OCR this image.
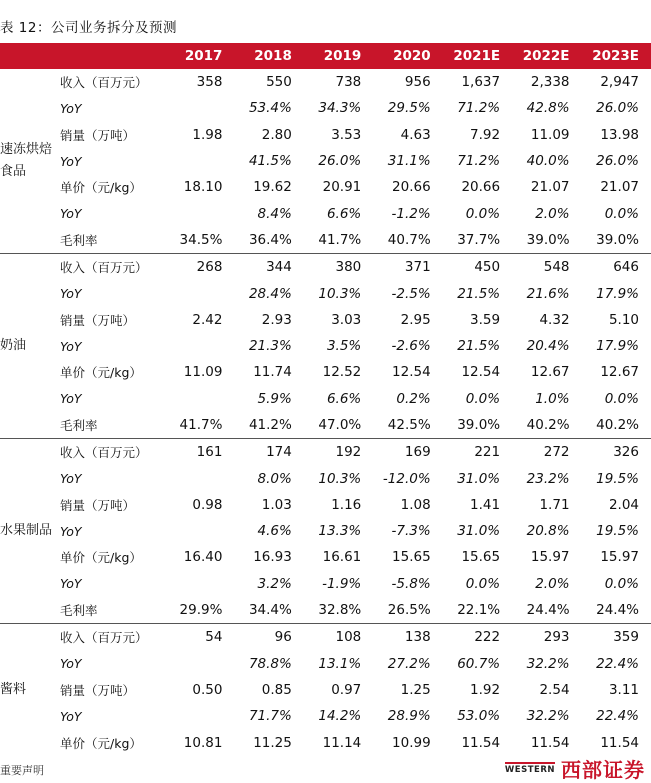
表 12：公司业务拆分及预测
		2017	2018	2019	2020	2021E	2022E	2023E
速冻烘焙
食品	收入（百万元）	358	550	738	956	1,637	2,338	2,947
	YoY		53.4%	34.3%	29.5%	71.2%	42.8%	26.0%
	销量（万吨）	1.98	2.80	3.53	4.63	7.92	11.09	13.98
	YoY		41.5%	26.0%	31.1%	71.2%	40.0%	26.0%
	单价（元/kg）	18.10	19.62	20.91	20.66	20.66	21.07	21.07
	YoY		8.4%	6.6%	-1.2%	0.0%	2.0%	0.0%
	毛利率	34.5%	36.4%	41.7%	40.7%	37.7%	39.0%	39.0%
奶油	收入（百万元）	268	344	380	371	450	548	646
	YoY		28.4%	10.3%	-2.5%	21.5%	21.6%	17.9%
	销量（万吨）	2.42	2.93	3.03	2.95	3.59	4.32	5.10
	YoY		21.3%	3.5%	-2.6%	21.5%	20.4%	17.9%
	单价（元/kg）	11.09	11.74	12.52	12.54	12.54	12.67	12.67
	YoY		5.9%	6.6%	0.2%	0.0%	1.0%	0.0%
	毛利率	41.7%	41.2%	47.0%	42.5%	39.0%	40.2%	40.2%
水果制品	收入（百万元）	161	174	192	169	221	272	326
	YoY		8.0%	10.3%	-12.0%	31.0%	23.2%	19.5%
	销量（万吨）	0.98	1.03	1.16	1.08	1.41	1.71	2.04
	YoY		4.6%	13.3%	-7.3%	31.0%	20.8%	19.5%
	单价（元/kg）	16.40	16.93	16.61	15.65	15.65	15.97	15.97
	YoY		3.2%	-1.9%	-5.8%	0.0%	2.0%	0.0%
	毛利率	29.9%	34.4%	32.8%	26.5%	22.1%	24.4%	24.4%
酱料	收入（百万元）	54	96	108	138	222	293	359
	YoY		78.8%	13.1%	27.2%	60.7%	32.2%	22.4%
	销量（万吨）	0.50	0.85	0.97	1.25	1.92	2.54	3.11
	YoY		71.7%	14.2%	28.9%	53.0%	32.2%	22.4%
	单价（元/kg）	10.81	11.25	11.14	10.99	11.54	11.54	11.54
重要声明	WESTERN 西部证券
